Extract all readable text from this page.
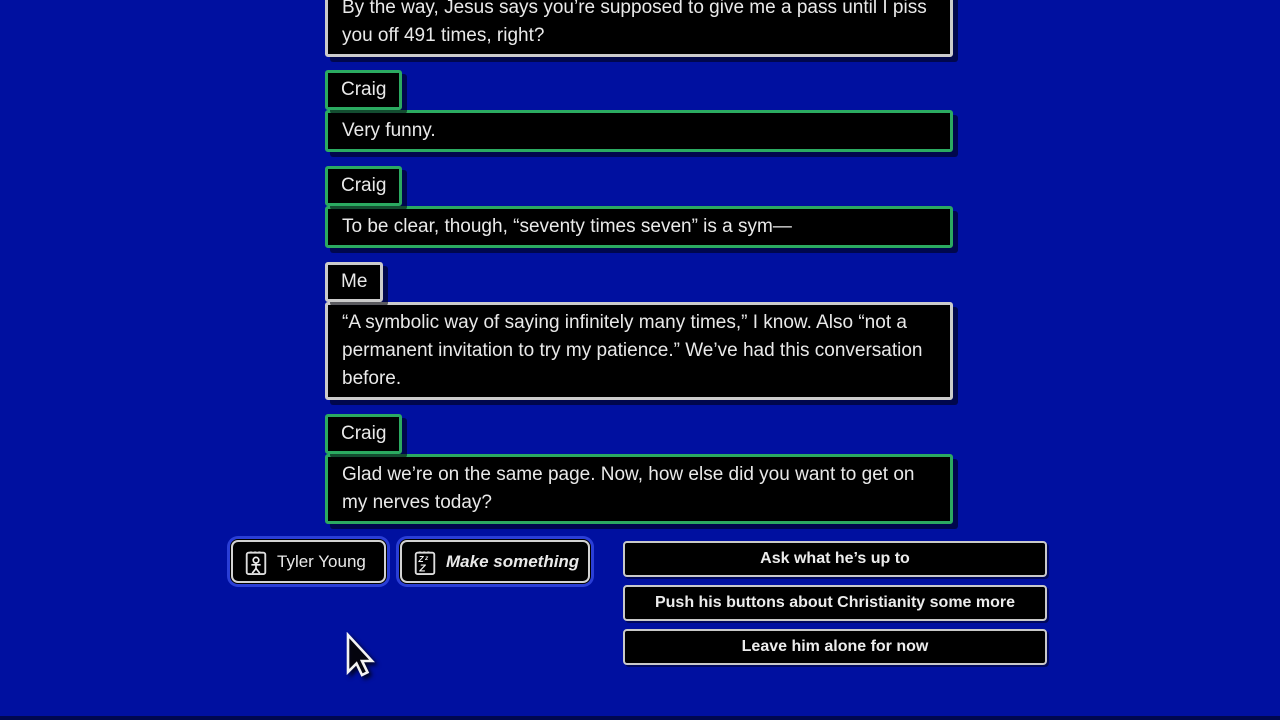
By the way, Jesus says you’re supposed to give me a pass until I piss you off 491 times, right?
Craig
Very funny.
Craig
To be clear, though, “seventy times seven” is a sym—
Me
“A symbolic way of saying infinitely many times,” I know. Also “not a permanent invitation to try my patience.” We’ve had this conversation before.
Craig
Glad we’re on the same page. Now, how else did you want to get on my nerves today?
Tyler Young	Z z
Z Make something	Ask what he’s up to
Push his buttons about Christianity some more
Leave him alone for now
